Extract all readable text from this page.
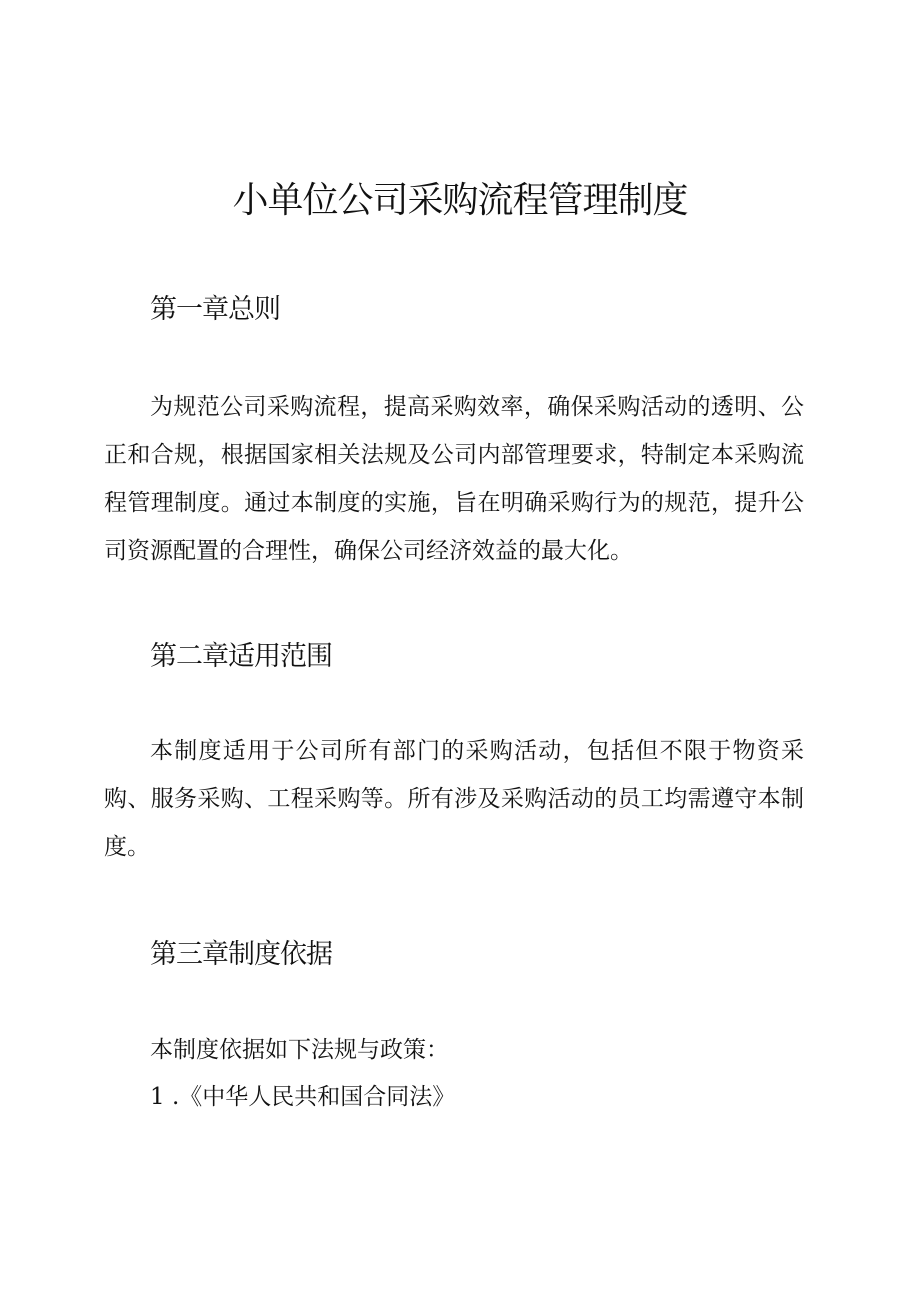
小单位公司采购流程管理制度
第一章总则

为规范公司采购流程，提高采购效率，确保采购活动的透明、公正和合规，根据国家相关法规及公司内部管理要求，特制定本采购流程管理制度。通过本制度的实施，旨在明确采购行为的规范，提升公司资源配置的合理性，确保公司经济效益的最大化。

第二章适用范围

本制度适用于公司所有部门的采购活动，包括但不限于物资采购、服务采购、工程采购等。所有涉及采购活动的员工均需遵守本制度。

第三章制度依据

本制度依据如下法规与政策：

1 .《中华人民共和国合同法》
